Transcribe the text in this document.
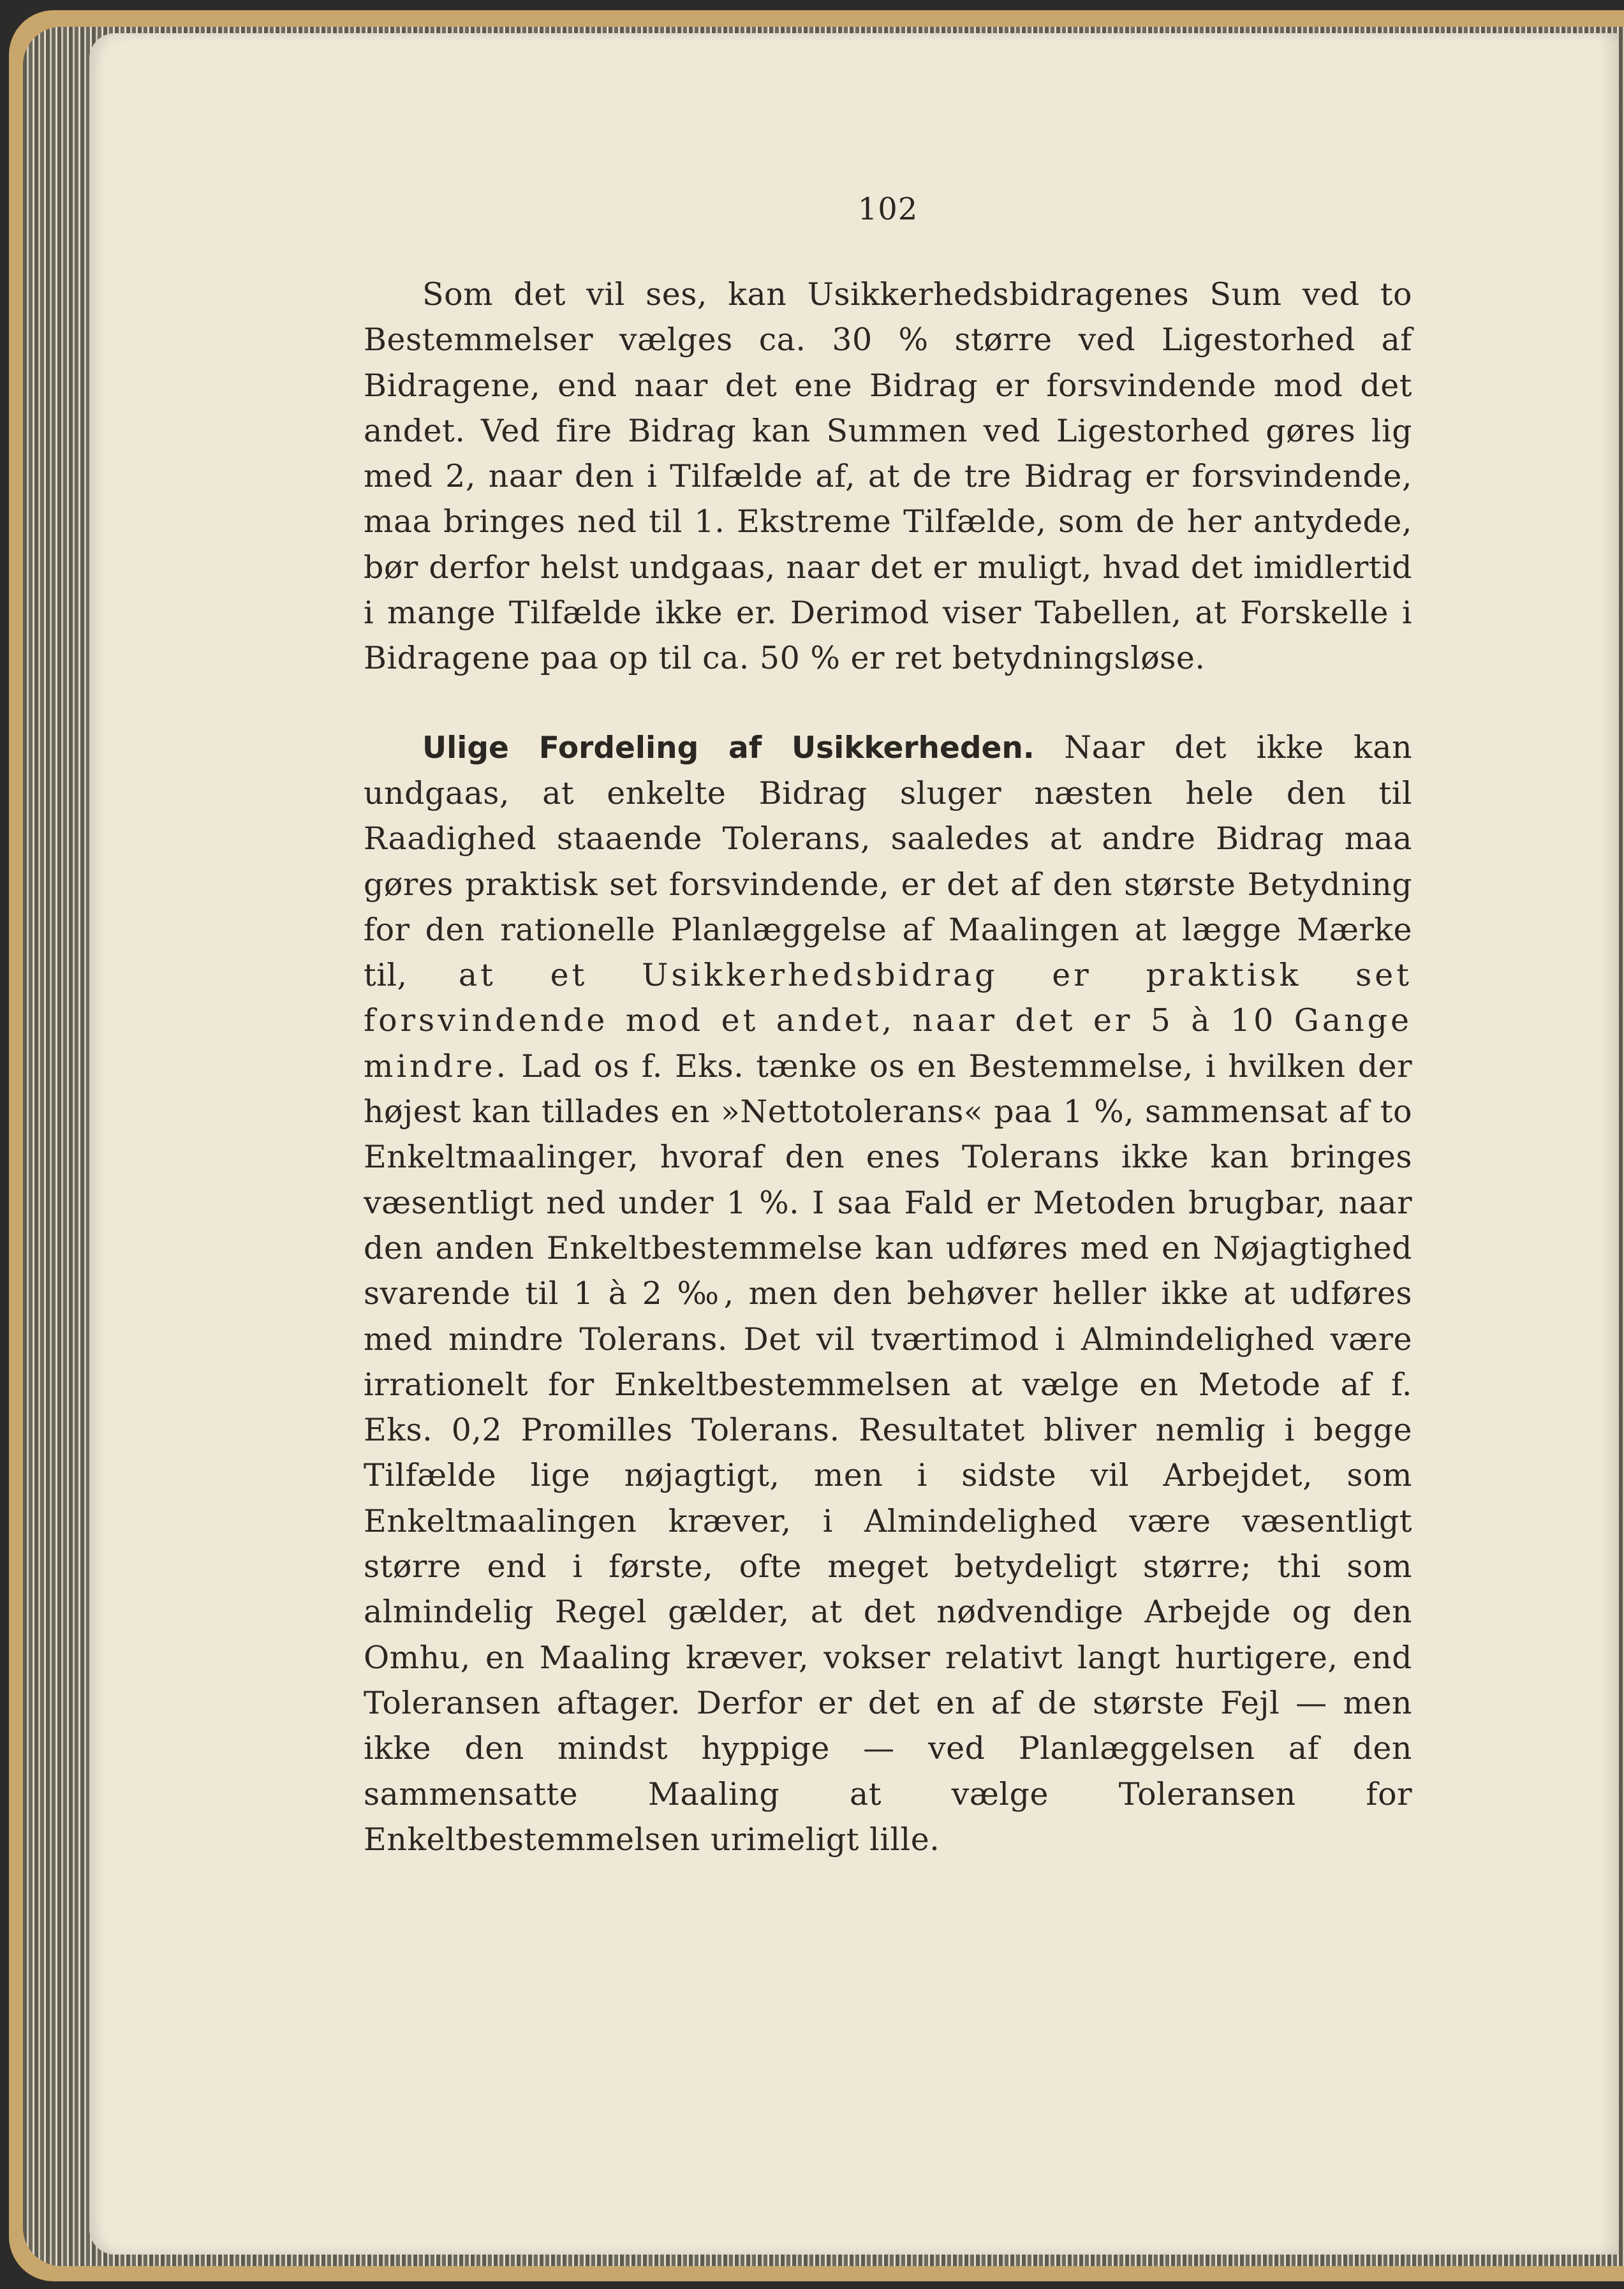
102

Som det vil ses, kan Usikkerhedsbidragenes Sum ved to Bestemmelser vælges ca. 30 % større ved Ligestorhed af Bidragene, end naar det ene Bidrag er forsvindende mod det andet. Ved fire Bidrag kan Summen ved Ligestorhed gøres lig med 2, naar den i Tilfælde af, at de tre Bidrag er forsvindende, maa bringes ned til 1. Ekstreme Tilfælde, som de her antydede, bør derfor helst undgaas, naar det er muligt, hvad det imidlertid i mange Tilfælde ikke er. Derimod viser Tabellen, at Forskelle i Bidragene paa op til ca. 50 % er ret betydningsløse.

Ulige Fordeling af Usikkerheden. Naar det ikke kan undgaas, at enkelte Bidrag sluger næsten hele den til Raadighed staaende Tolerans, saaledes at andre Bidrag maa gøres praktisk set forsvindende, er det af den største Betydning for den rationelle Planlæggelse af Maalingen at lægge Mærke til, at et Usikkerhedsbidrag er praktisk set forsvindende mod et andet, naar det er 5 à 10 Gange mindre. Lad os f. Eks. tænke os en Bestemmelse, i hvilken der højest kan tillades en »Nettotolerans« paa 1 %, sammensat af to Enkeltmaalinger, hvoraf den enes Tolerans ikke kan bringes væsentligt ned under 1 %. I saa Fald er Metoden brugbar, naar den anden Enkeltbestemmelse kan udføres med en Nøjagtighed svarende til 1 à 2 ‰, men den behøver heller ikke at udføres med mindre Tolerans. Det vil tværtimod i Almindelighed være irrationelt for Enkeltbestemmelsen at vælge en Metode af f. Eks. 0,2 Promilles Tolerans. Resultatet bliver nemlig i begge Tilfælde lige nøjagtigt, men i sidste vil Arbejdet, som Enkeltmaalingen kræver, i Almindelighed være væsentligt større end i første, ofte meget betydeligt større; thi som almindelig Regel gælder, at det nødvendige Arbejde og den Omhu, en Maaling kræver, vokser relativt langt hurtigere, end Toleransen aftager. Derfor er det en af de største Fejl — men ikke den mindst hyppige — ved Planlæggelsen af den sammensatte Maaling at vælge Toleransen for Enkeltbestemmelsen urimeligt lille.
